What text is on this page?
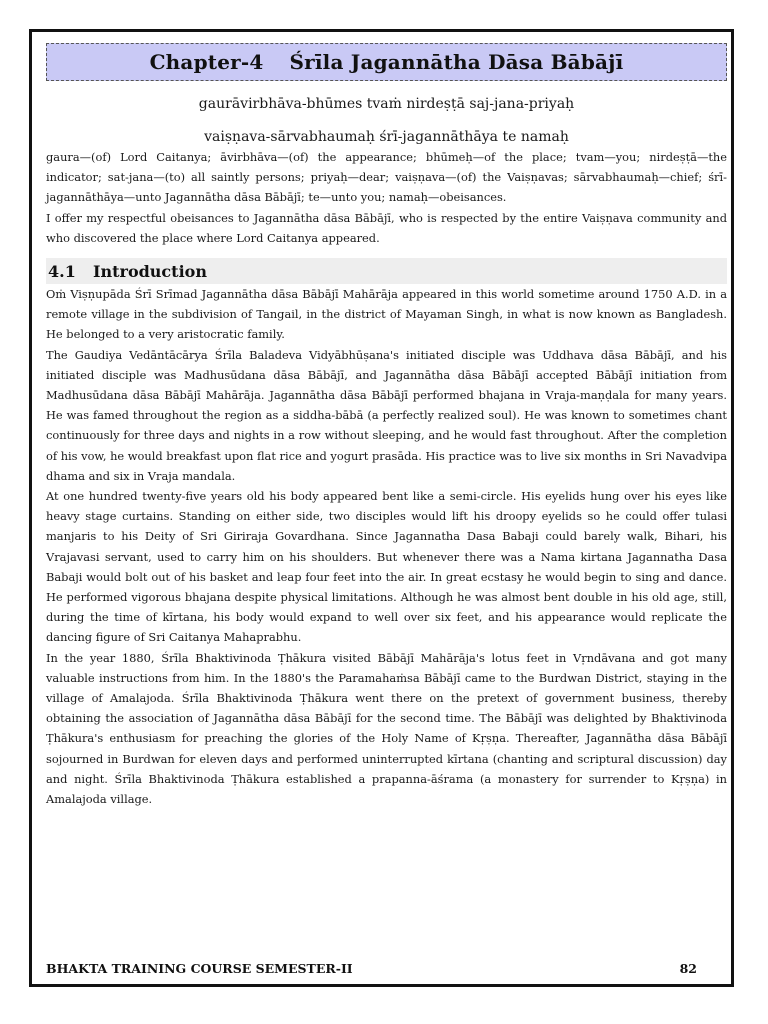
Chapter-4 Śrīla Jagannātha Dāsa Bābājī
gaurāvirbhāva-bhūmes tvaṁ nirdeṣṭā saj-jana-priyaḥ
vaiṣṇava-sārvabhaumaḥ śrī-jagannāthāya te namaḥ

gaura—(of) Lord Caitanya; āvirbhāva—(of) the appearance; bhūmeḥ—of the place; tvam—you; nirdeṣṭā—the indicator; sat-jana—(to) all saintly persons; priyaḥ—dear; vaiṣṇava—(of) the Vaiṣṇavas; sārvabhaumaḥ—chief; śrī-jagannāthāya—unto Jagannātha dāsa Bābājī; te—unto you; namaḥ—obeisances.

I offer my respectful obeisances to Jagannātha dāsa Bābājī, who is respected by the entire Vaiṣṇava community and who discovered the place where Lord Caitanya appeared.

4.1	Introduction

Oṁ Viṣṇupāda Śrī Srīmad Jagannātha dāsa Bābājī Mahārāja appeared in this world sometime around 1750 A.D. in a remote village in the subdivision of Tangail, in the district of Mayaman Singh, in what is now known as Bangladesh. He belonged to a very aristocratic family.

The Gaudiya Vedāntācārya Śrīla Baladeva Vidyābhūṣana's initiated disciple was Uddhava dāsa Bābājī, and his initiated disciple was Madhusūdana dāsa Bābājī, and Jagannātha dāsa Bābājī accepted Bābājī initiation from Madhusūdana dāsa Bābājī Mahārāja. Jagannātha dāsa Bābājī performed bhajana in Vraja-maṇḍala for many years. He was famed throughout the region as a siddha-bābā (a perfectly realized soul). He was known to sometimes chant continuously for three days and nights in a row without sleeping, and he would fast throughout. After the completion of his vow, he would breakfast upon flat rice and yogurt prasāda. His practice was to live six months in Sri Navadvipa dhama and six in Vraja mandala.

At one hundred twenty-five years old his body appeared bent like a semi-circle. His eyelids hung over his eyes like heavy stage curtains. Standing on either side, two disciples would lift his droopy eyelids so he could offer tulasi manjaris to his Deity of Sri Giriraja Govardhana. Since Jagannatha Dasa Babaji could barely walk, Bihari, his Vrajavasi servant, used to carry him on his shoulders. But whenever there was a Nama kirtana Jagannatha Dasa Babaji would bolt out of his basket and leap four feet into the air. In great ecstasy he would begin to sing and dance. He performed vigorous bhajana despite physical limitations. Although he was almost bent double in his old age, still, during the time of kīrtana, his body would expand to well over six feet, and his appearance would replicate the dancing figure of Sri Caitanya Mahaprabhu.

In the year 1880, Śrīla Bhaktivinoda Ṭhākura visited Bābājī Mahārāja's lotus feet in Vṛndāvana and got many valuable instructions from him. In the 1880's the Paramahaṁsa Bābājī came to the Burdwan District, staying in the village of Amalajoda. Śrīla Bhaktivinoda Ṭhākura went there on the pretext of government business, thereby obtaining the association of Jagannātha dāsa Bābājī for the second time. The Bābājī was delighted by Bhaktivinoda Ṭhākura's enthusiasm for preaching the glories of the Holy Name of Kṛṣṇa. Thereafter, Jagannātha dāsa Bābājī sojourned in Burdwan for eleven days and performed uninterrupted kīrtana (chanting and scriptural discussion) day and night. Śrīla Bhaktivinoda Ṭhākura established a prapanna-āśrama (a monastery for surrender to Kṛṣṇa) in Amalajoda village.

BHAKTA TRAINING COURSE SEMESTER-II	82
